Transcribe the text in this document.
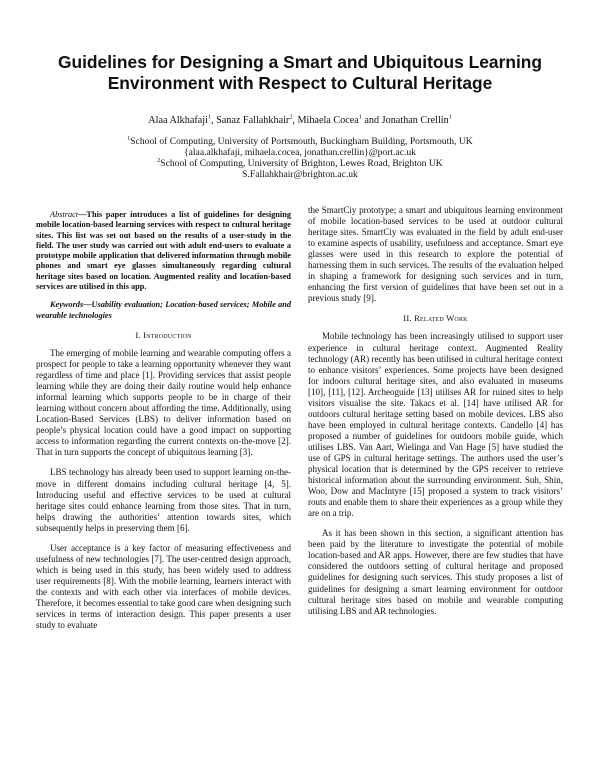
Guidelines for Designing a Smart and Ubiquitous Learning Environment with Respect to Cultural Heritage

Alaa Alkhafaji$^1$, Sanaz Fallahkhair$^2$, Mihaela Cocea$^1$ and Jonathan Crellin$^1$

$^1$School of Computing, University of Portsmouth, Buckingham Building, Portsmouth, UK

{alaa.alkhafaji, mihaela.cocea, jonathan.crellin}@port.ac.uk

$^2$School of Computing, University of Brighton, Lewes Road, Brighton UK

S.Fallahkhair@brighton.ac.uk

Abstract—This paper introduces a list of guidelines for designing mobile location-based learning services with respect to cultural heritage sites. This list was set out based on the results of a user-study in the field. The user study was carried out with adult end-users to evaluate a prototype mobile application that delivered information through mobile phones and smart eye glasses simultaneously regarding cultural heritage sites based on location. Augmented reality and location-based services are utilised in this app.

Keywords—Usability evaluation; Location-based services; Mobile and wearable technologies

I. Introduction

The emerging of mobile learning and wearable computing offers a prospect for people to take a learning opportunity whenever they want regardless of time and place [1]. Providing services that assist people learning while they are doing their daily routine would help enhance informal learning which supports people to be in charge of their learning without concern about affording the time. Additionally, using Location-Based Services (LBS) to deliver information based on people’s physical location could have a good impact on supporting access to information regarding the current contexts on-the-move [2]. That in turn supports the concept of ubiquitous learning [3].

LBS technology has already been used to support learning on-the-move in different domains including cultural heritage [4, 5]. Introducing useful and effective services to be used at cultural heritage sites could enhance learning from those sites. That in turn, helps drawing the authorities’ attention towards sites, which subsequently helps in preserving them [6].

User acceptance is a key factor of measuring effectiveness and usefulness of new technologies [7]. The user-centred design approach, which is being used in this study, has been widely used to address user requirements [8]. With the mobile learning, learners interact with the contexts and with each other via interfaces of mobile devices. Therefore, it becomes essential to take good care when designing such services in terms of interaction design. This paper presents a user study to evaluate

the SmartCiy prototype; a smart and ubiquitous learning environment of mobile location-based services to be used at outdoor cultural heritage sites. SmartCiy was evaluated in the field by adult end-user to examine aspects of usability, usefulness and acceptance. Smart eye glasses were used in this research to explore the potential of harnessing them in such services. The results of the evaluation helped in shaping a framework for designing such services and in turn, enhancing the first version of guidelines that have been set out in a previous study [9].

II. Related Work

Mobile technology has been increasingly utilised to support user experience in cultural heritage context. Augmented Reality technology (AR) recently has been utilised in cultural heritage context to enhance visitors’ experiences. Some projects have been designed for indoors cultural heritage sites, and also evaluated in museums [10], [11], [12]. Archeoguide [13] utilises AR for ruined sites to help visitors visualise the site. Takacs et al. [14] have utilised AR for outdoors cultural heritage setting based on mobile devices. LBS also have been employed in cultural heritage contexts. Candello [4] has proposed a number of guidelines for outdoors mobile guide, which utilises LBS. Van Aart, Wielinga and Van Hage [5] have studied the use of GPS in cultural heritage settings. The authors used the user’s physical location that is determined by the GPS receiver to retrieve historical information about the surrounding environment. Suh, Shin, Woo, Dow and MacIntyre [15] proposed a system to track visitors’ routs and enable them to share their experiences as a group while they are on a trip.

As it has been shown in this section, a significant attention has been paid by the literature to investigate the potential of mobile location-based and AR apps. However, there are few studies that have considered the outdoors setting of cultural heritage and proposed guidelines for designing such services. This study proposes a list of guidelines for designing a smart learning environment for outdoor cultural heritage sites based on mobile and wearable computing utilising LBS and AR technologies.
